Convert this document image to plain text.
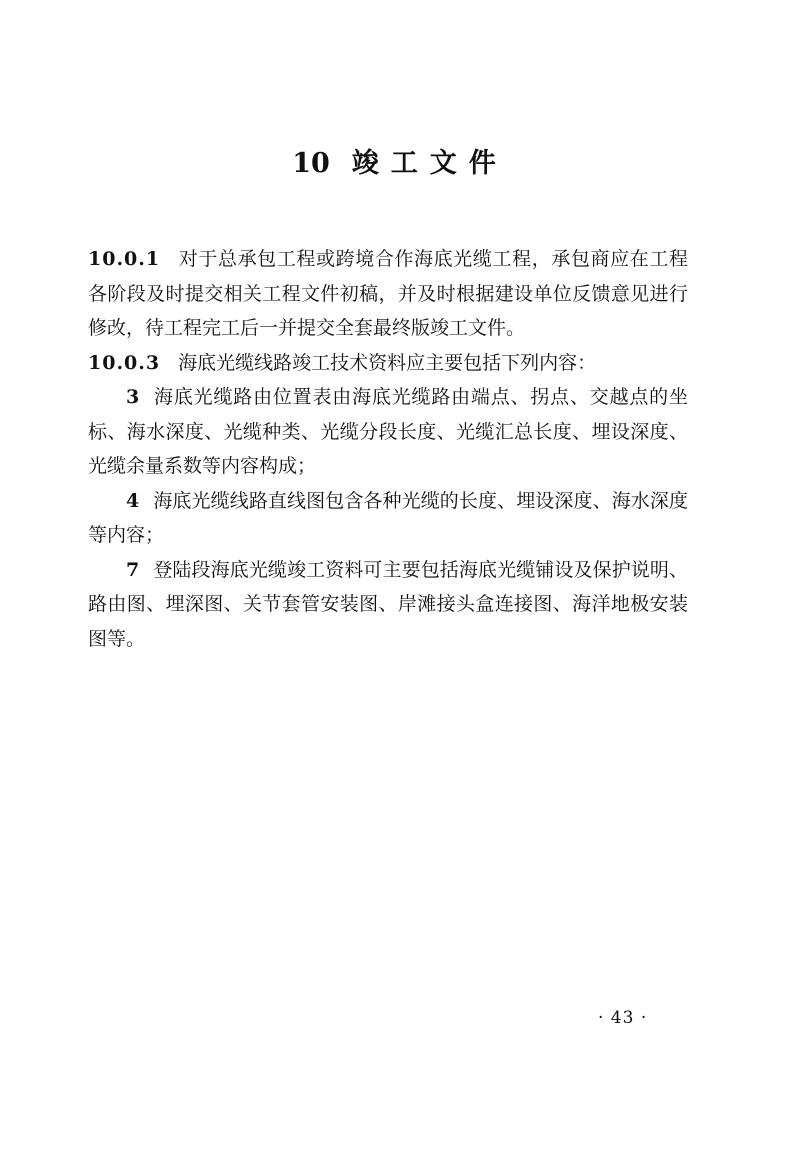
10 竣工文件

10.0.1 对于总承包工程或跨境合作海底光缆工程，承包商应在工程各阶段及时提交相关工程文件初稿，并及时根据建设单位反馈意见进行修改，待工程完工后一并提交全套最终版竣工文件。

10.0.3 海底光缆线路竣工技术资料应主要包括下列内容：

3 海底光缆路由位置表由海底光缆路由端点、拐点、交越点的坐标、海水深度、光缆种类、光缆分段长度、光缆汇总长度、埋设深度、光缆余量系数等内容构成；

4 海底光缆线路直线图包含各种光缆的长度、埋设深度、海水深度等内容；

7 登陆段海底光缆竣工资料可主要包括海底光缆铺设及保护说明、路由图、埋深图、关节套管安装图、岸滩接头盒连接图、海洋地极安装图等。

· 43 ·
